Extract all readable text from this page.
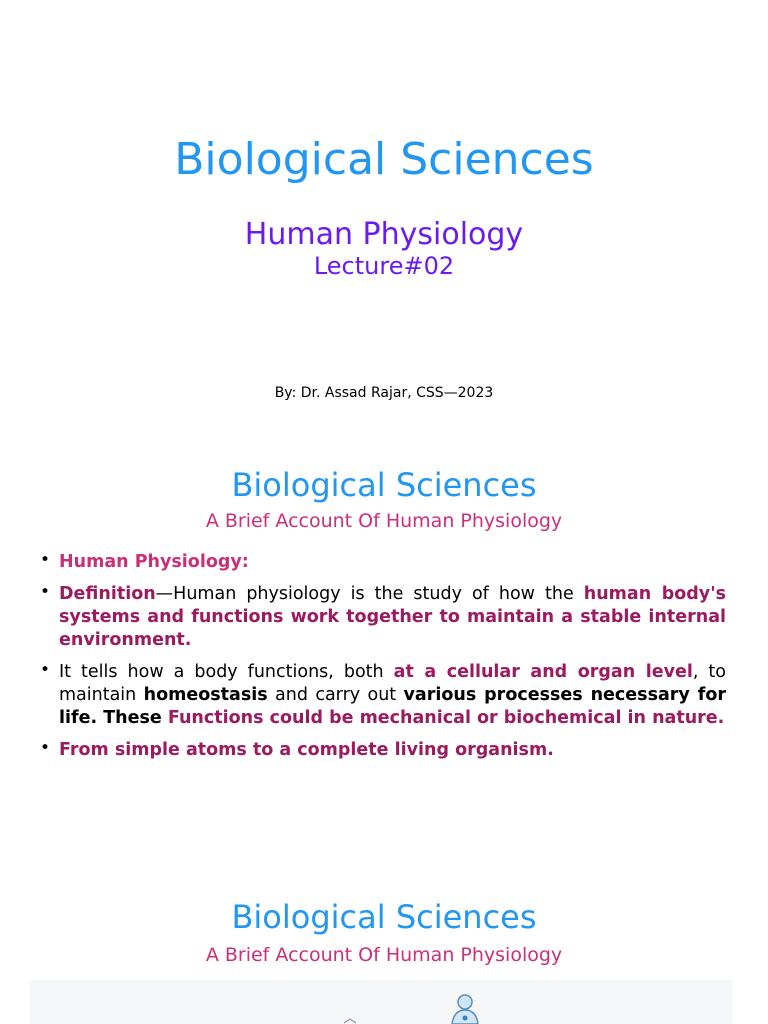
Biological Sciences
Human Physiology
Lecture#02
By: Dr. Assad Rajar, CSS—2023
Biological Sciences
A Brief Account Of Human Physiology
• Human Physiology:
• Definition—Human physiology is the study of how the human body's systems and functions work together to maintain a stable internal environment.
• It tells how a body functions, both at a cellular and organ level, to maintain homeostasis and carry out various processes necessary for life. These Functions could be mechanical or biochemical in nature.
• From simple atoms to a complete living organism.
Biological Sciences
A Brief Account Of Human Physiology
